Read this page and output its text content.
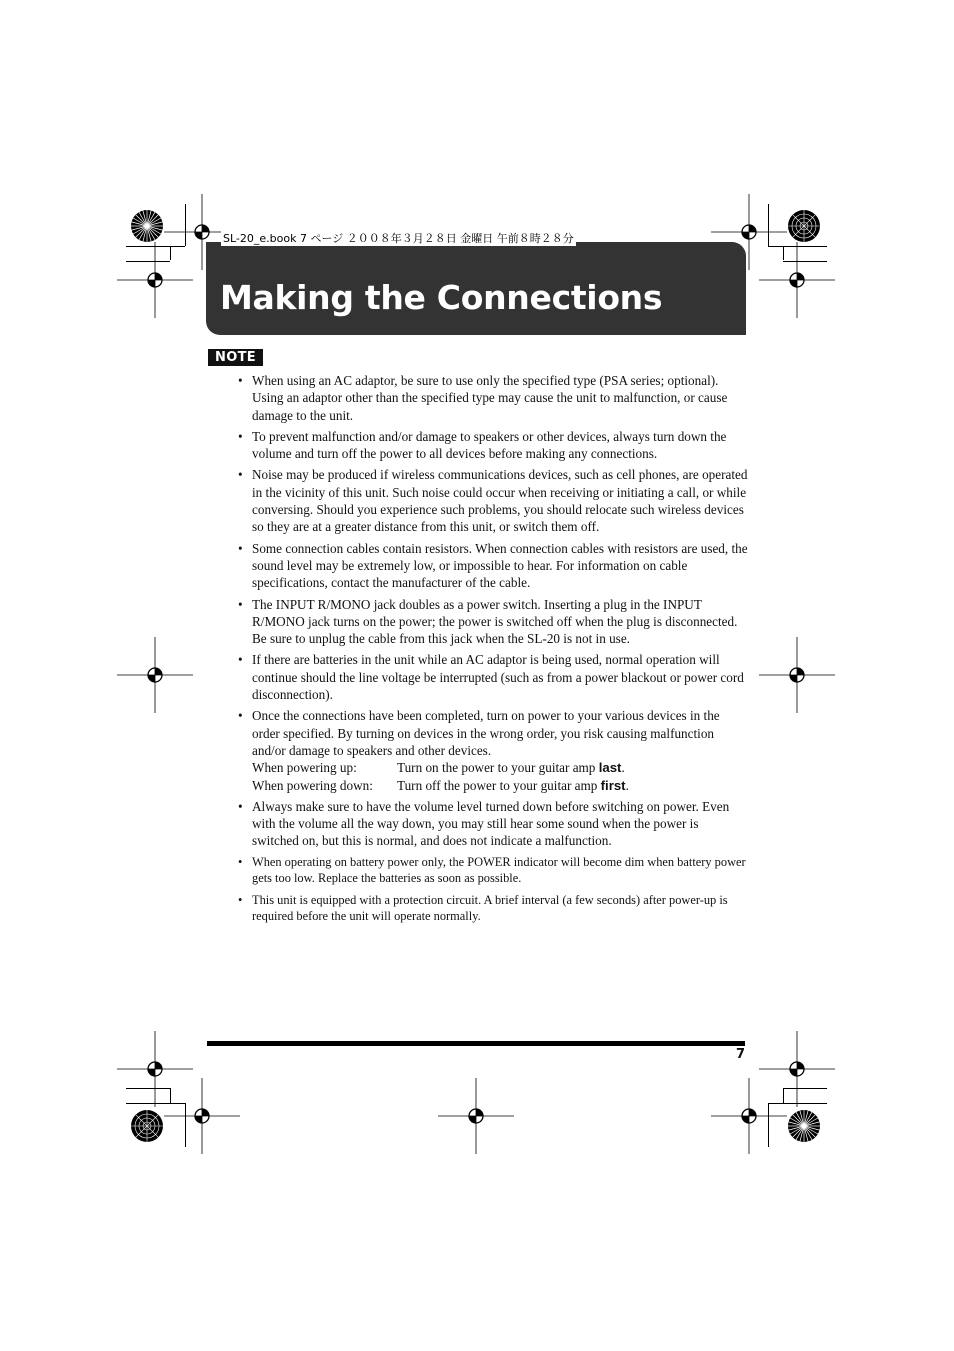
SL-20_e.book 7 ページ ２００８年３月２８日 金曜日 午前８時２８分
Making the Connections
NOTE
• When using an AC adaptor, be sure to use only the specified type (PSA series; optional). Using an adaptor other than the specified type may cause the unit to malfunction, or cause damage to the unit.
• To prevent malfunction and/or damage to speakers or other devices, always turn down the volume and turn off the power to all devices before making any connections.
• Noise may be produced if wireless communications devices, such as cell phones, are operated in the vicinity of this unit. Such noise could occur when receiving or initiating a call, or while conversing. Should you experience such problems, you should relocate such wireless devices so they are at a greater distance from this unit, or switch them off.
• Some connection cables contain resistors. When connection cables with resistors are used, the sound level may be extremely low, or impossible to hear. For information on cable specifications, contact the manufacturer of the cable.
• The INPUT R/MONO jack doubles as a power switch. Inserting a plug in the INPUT R/MONO jack turns on the power; the power is switched off when the plug is disconnected. Be sure to unplug the cable from this jack when the SL-20 is not in use.
• If there are batteries in the unit while an AC adaptor is being used, normal operation will continue should the line voltage be interrupted (such as from a power blackout or power cord disconnection).
• Once the connections have been completed, turn on power to your various devices in the order specified. By turning on devices in the wrong order, you risk causing malfunction and/or damage to speakers and other devices.
When powering up:	Turn on the power to your guitar amp last.
When powering down:	Turn off the power to your guitar amp first.
• Always make sure to have the volume level turned down before switching on power. Even with the volume all the way down, you may still hear some sound when the power is switched on, but this is normal, and does not indicate a malfunction.
• When operating on battery power only, the POWER indicator will become dim when battery power gets too low. Replace the batteries as soon as possible.
• This unit is equipped with a protection circuit. A brief interval (a few seconds) after power-up is required before the unit will operate normally.
7
